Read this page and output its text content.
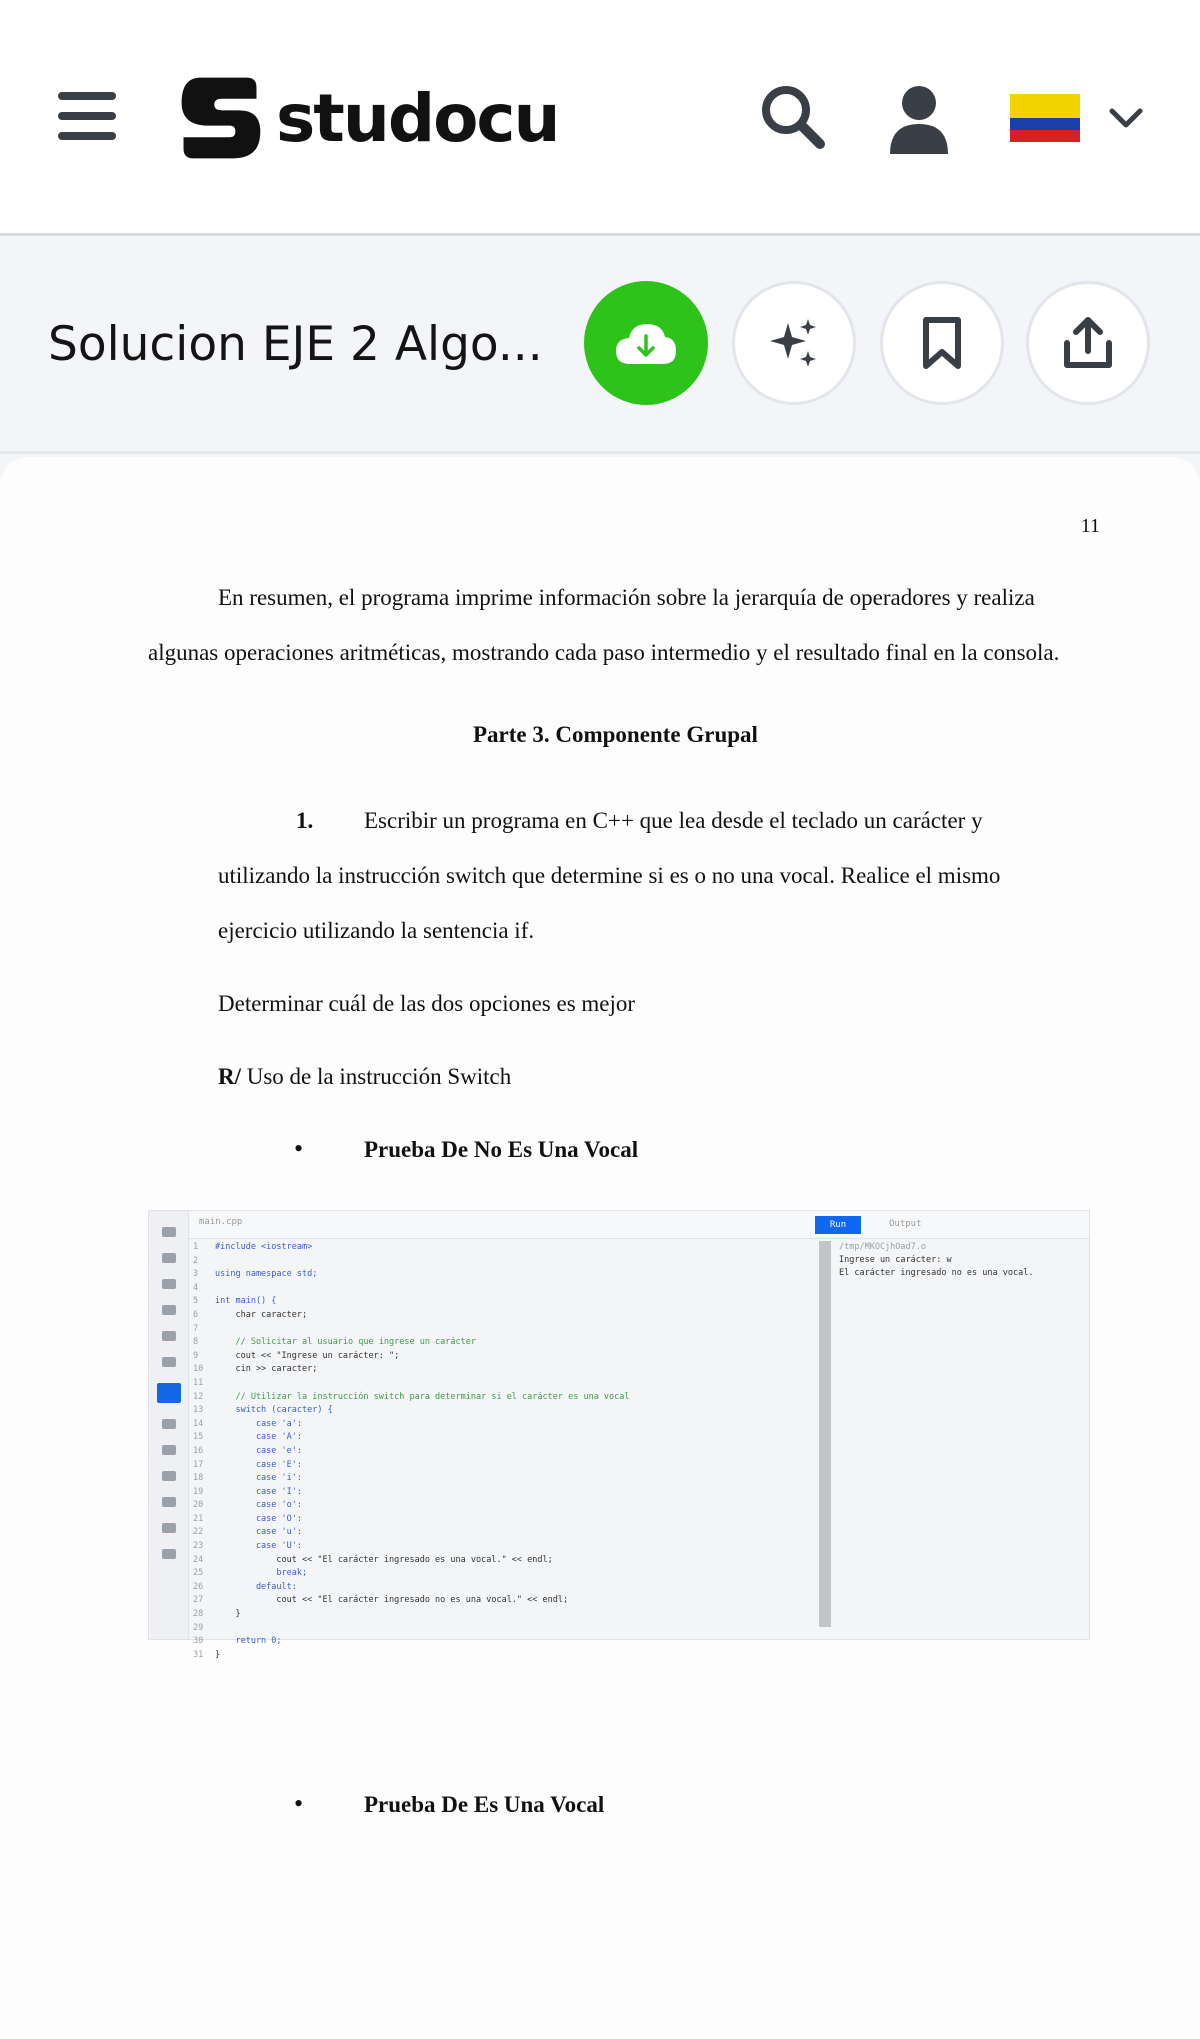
studocu
Solucion EJE 2 Algo...
11
En resumen, el programa imprime información sobre la jerarquía de operadores y realiza
algunas operaciones aritméticas, mostrando cada paso intermedio y el resultado final en la consola.
Parte 3. Componente Grupal
1. Escribir un programa en C++ que lea desde el teclado un carácter y
utilizando la instrucción switch que determine si es o no una vocal. Realice el mismo
ejercicio utilizando la sentencia if.
Determinar cuál de las dos opciones es mejor
R/ Uso de la instrucción Switch
•	Prueba De No Es Una Vocal
main.cpp	Run	Output
1 #include <iostream>
2
3 using namespace std;
4
5 int main() {
6    char caracter;
7
8    // Solicitar al usuario que ingrese un carácter
9    cout << "Ingrese un carácter: ";
10    cin >> caracter;
11
12    // Utilizar la instrucción switch para determinar si el carácter es una vocal
13    switch (caracter) {
14        case 'a':
15        case 'A':
16        case 'e':
17        case 'E':
18        case 'i':
19        case 'I':
20        case 'o':
21        case 'O':
22        case 'u':
23        case 'U':
24            cout << "El carácter ingresado es una vocal." << endl;
25            break;
26        default:
27            cout << "El carácter ingresado no es una vocal." << endl;
28    }
29
30    return 0;
31 }
/tmp/MKOCjhOad7.o
Ingrese un carácter: w
El carácter ingresado no es una vocal.
•	Prueba De Es Una Vocal
